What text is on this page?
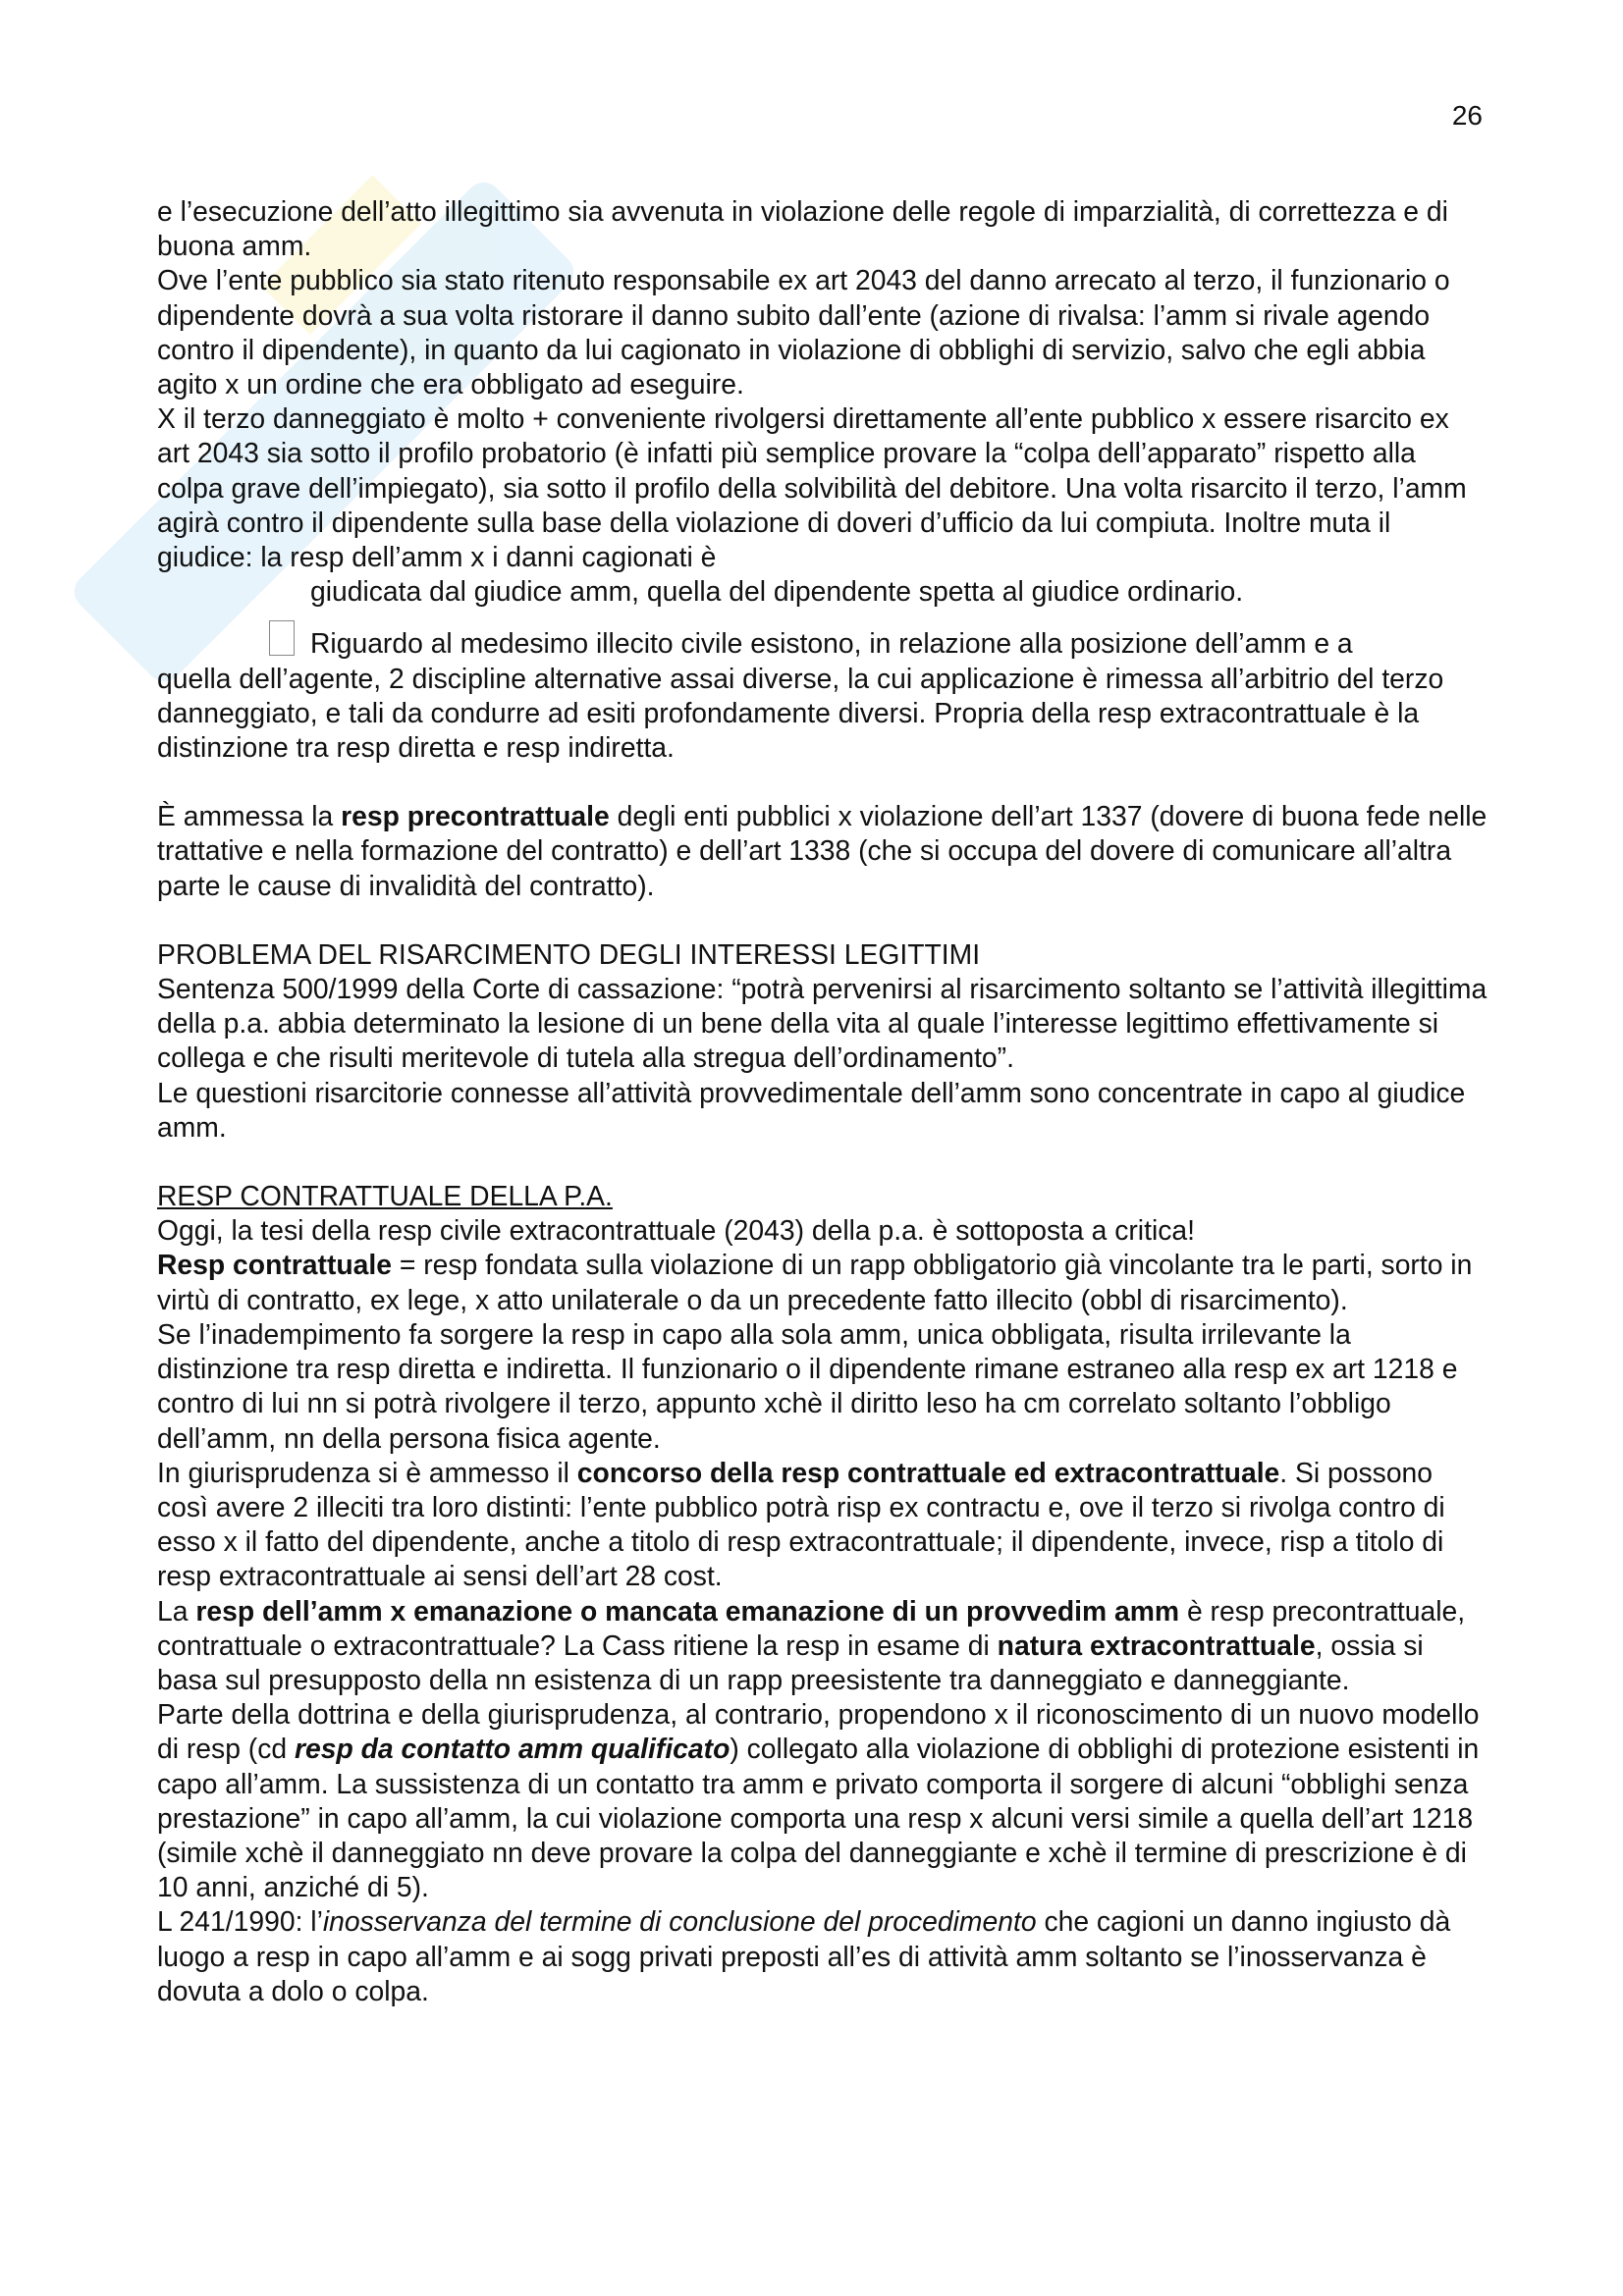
26

e l’esecuzione dell’atto illegittimo sia avvenuta in violazione delle regole di imparzialità, di correttezza e di buona amm.

Ove l’ente pubblico sia stato ritenuto responsabile ex art 2043 del danno arrecato al terzo, il funzionario o dipendente dovrà a sua volta ristorare il danno subito dall’ente (azione di rivalsa: l’amm si rivale agendo contro il dipendente), in quanto da lui cagionato in violazione di obblighi di servizio, salvo che egli abbia agito x un ordine che era obbligato ad eseguire.

X il terzo danneggiato è molto + conveniente rivolgersi direttamente all’ente pubblico x essere risarcito ex art 2043 sia sotto il profilo probatorio (è infatti più semplice provare la “colpa dell’apparato” rispetto alla colpa grave dell’impiegato), sia sotto il profilo della solvibilità del debitore. Una volta risarcito il terzo, l’amm agirà contro il dipendente sulla base della violazione di doveri d’ufficio da lui compiuta. Inoltre muta il giudice: la resp dell’amm x i danni cagionati è

giudicata dal giudice amm, quella del dipendente spetta al giudice ordinario.

Riguardo al medesimo illecito civile esistono, in relazione alla posizione dell’amm e a

quella dell’agente, 2 discipline alternative assai diverse, la cui applicazione è rimessa all’arbitrio del terzo danneggiato, e tali da condurre ad esiti profondamente diversi. Propria della resp extracontrattuale è la distinzione tra resp diretta e resp indiretta.

È ammessa la resp precontrattuale degli enti pubblici x violazione dell’art 1337 (dovere di buona fede nelle trattative e nella formazione del contratto) e dell’art 1338 (che si occupa del dovere di comunicare all’altra parte le cause di invalidità del contratto).

PROBLEMA DEL RISARCIMENTO DEGLI INTERESSI LEGITTIMI

Sentenza 500/1999 della Corte di cassazione: “potrà pervenirsi al risarcimento soltanto se l’attività illegittima della p.a. abbia determinato la lesione di un bene della vita al quale l’interesse legittimo effettivamente si collega e che risulti meritevole di tutela alla stregua dell’ordinamento”.

Le questioni risarcitorie connesse all’attività provvedimentale dell’amm sono concentrate in capo al giudice amm.

RESP CONTRATTUALE DELLA P.A.

Oggi, la tesi della resp civile extracontrattuale (2043) della p.a. è sottoposta a critica!

Resp contrattuale = resp fondata sulla violazione di un rapp obbligatorio già vincolante tra le parti, sorto in virtù di contratto, ex lege, x atto unilaterale o da un precedente fatto illecito (obbl di risarcimento).

Se l’inadempimento fa sorgere la resp in capo alla sola amm, unica obbligata, risulta irrilevante la distinzione tra resp diretta e indiretta. Il funzionario o il dipendente rimane estraneo alla resp ex art 1218 e contro di lui nn si potrà rivolgere il terzo, appunto xchè il diritto leso ha cm correlato soltanto l’obbligo dell’amm, nn della persona fisica agente.

In giurisprudenza si è ammesso il concorso della resp contrattuale ed extracontrattuale. Si possono così avere 2 illeciti tra loro distinti: l’ente pubblico potrà risp ex contractu e, ove il terzo si rivolga contro di esso x il fatto del dipendente, anche a titolo di resp extracontrattuale; il dipendente, invece, risp a titolo di resp extracontrattuale ai sensi dell’art 28 cost.

La resp dell’amm x emanazione o mancata emanazione di un provvedim amm è resp precontrattuale, contrattuale o extracontrattuale? La Cass ritiene la resp in esame di natura extracontrattuale, ossia si basa sul presupposto della nn esistenza di un rapp preesistente tra danneggiato e danneggiante.

Parte della dottrina e della giurisprudenza, al contrario, propendono x il riconoscimento di un nuovo modello di resp (cd resp da contatto amm qualificato) collegato alla violazione di obblighi di protezione esistenti in capo all’amm. La sussistenza di un contatto tra amm e privato comporta il sorgere di alcuni “obblighi senza prestazione” in capo all’amm, la cui violazione comporta una resp x alcuni versi simile a quella dell’art 1218 (simile xchè il danneggiato nn deve provare la colpa del danneggiante e xchè il termine di prescrizione è di 10 anni, anziché di 5).

L 241/1990: l’inosservanza del termine di conclusione del procedimento che cagioni un danno ingiusto dà luogo a resp in capo all’amm e ai sogg privati preposti all’es di attività amm soltanto se l’inosservanza è dovuta a dolo o colpa.
